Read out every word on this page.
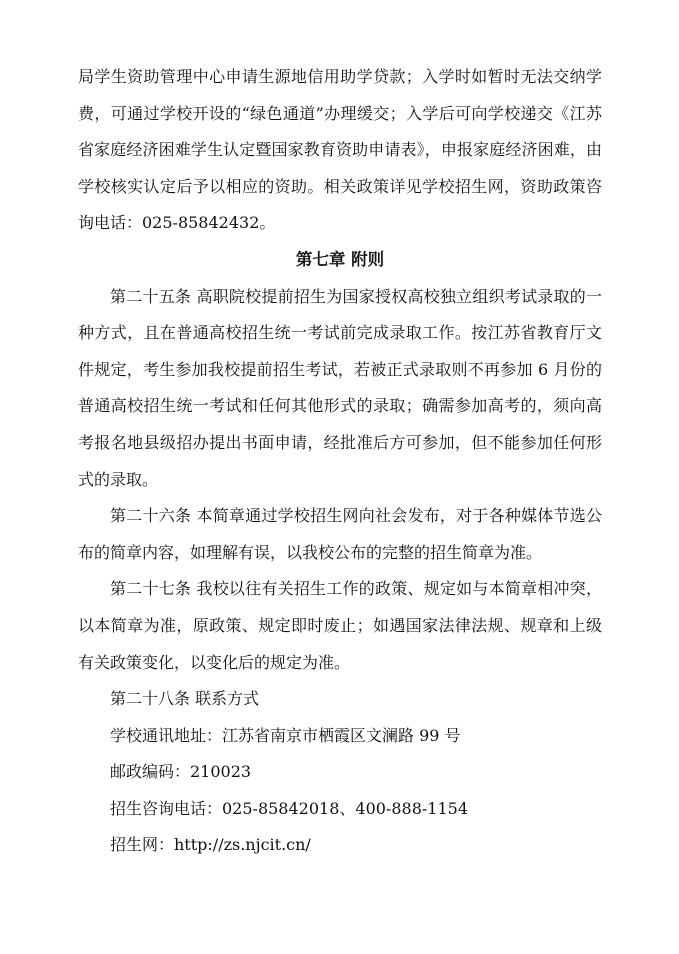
局学生资助管理中心申请生源地信用助学贷款；入学时如暂时无法交纳学费，可通过学校开设的“绿色通道”办理缓交；入学后可向学校递交《江苏省家庭经济困难学生认定暨国家教育资助申请表》，申报家庭经济困难，由学校核实认定后予以相应的资助。相关政策详见学校招生网，资助政策咨询电话：025-85842432。

第七章 附则

第二十五条 高职院校提前招生为国家授权高校独立组织考试录取的一种方式，且在普通高校招生统一考试前完成录取工作。按江苏省教育厅文件规定，考生参加我校提前招生考试，若被正式录取则不再参加 6 月份的普通高校招生统一考试和任何其他形式的录取；确需参加高考的，须向高考报名地县级招办提出书面申请，经批准后方可参加，但不能参加任何形式的录取。

第二十六条 本简章通过学校招生网向社会发布，对于各种媒体节选公布的简章内容，如理解有误，以我校公布的完整的招生简章为准。

第二十七条 我校以往有关招生工作的政策、规定如与本简章相冲突，以本简章为准，原政策、规定即时废止；如遇国家法律法规、规章和上级有关政策变化，以变化后的规定为准。

第二十八条 联系方式

学校通讯地址：江苏省南京市栖霞区文澜路 99 号

邮政编码：210023

招生咨询电话：025-85842018、400-888-1154

招生网：http://zs.njcit.cn/
